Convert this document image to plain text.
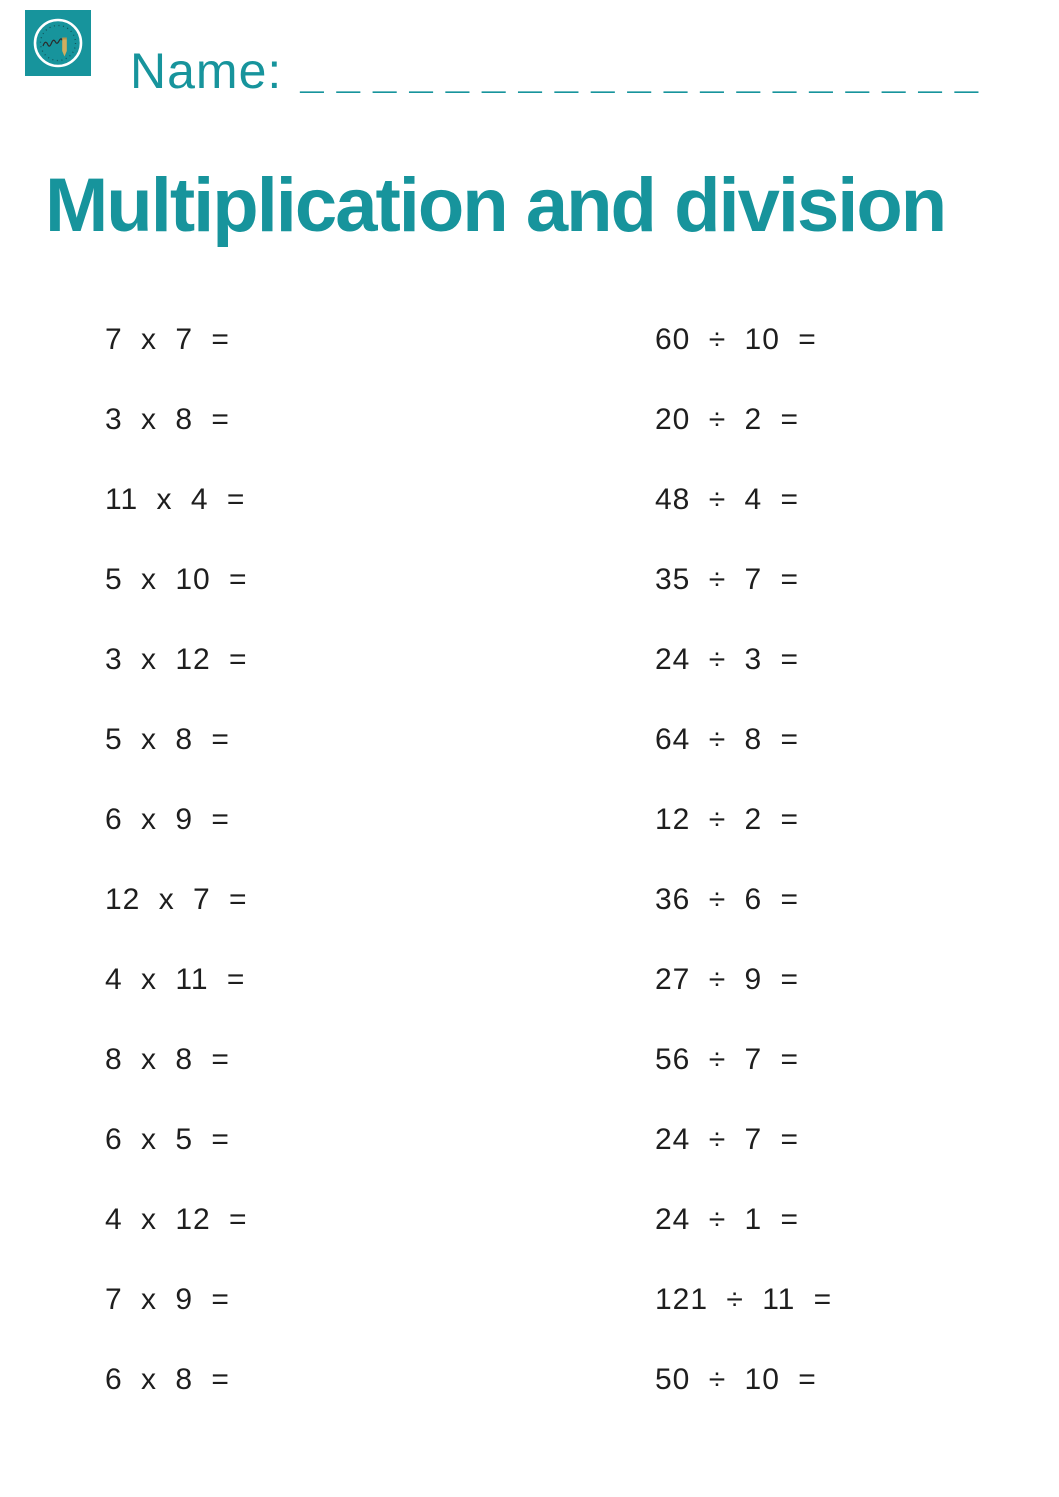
Name: ___________________
Multiplication and division
7 x 7 =	60 ÷ 10 =
3 x 8 =	20 ÷ 2 =
11 x 4 =	48 ÷ 4 =
5 x 10 =	35 ÷ 7 =
3 x 12 =	24 ÷ 3 =
5 x 8 =	64 ÷ 8 =
6 x 9 =	12 ÷ 2 =
12 x 7 =	36 ÷ 6 =
4 x 11 =	27 ÷ 9 =
8 x 8 =	56 ÷ 7 =
6 x 5 =	24 ÷ 7 =
4 x 12 =	24 ÷ 1 =
7 x 9 =	121 ÷ 11 =
6 x 8 =	50 ÷ 10 =
